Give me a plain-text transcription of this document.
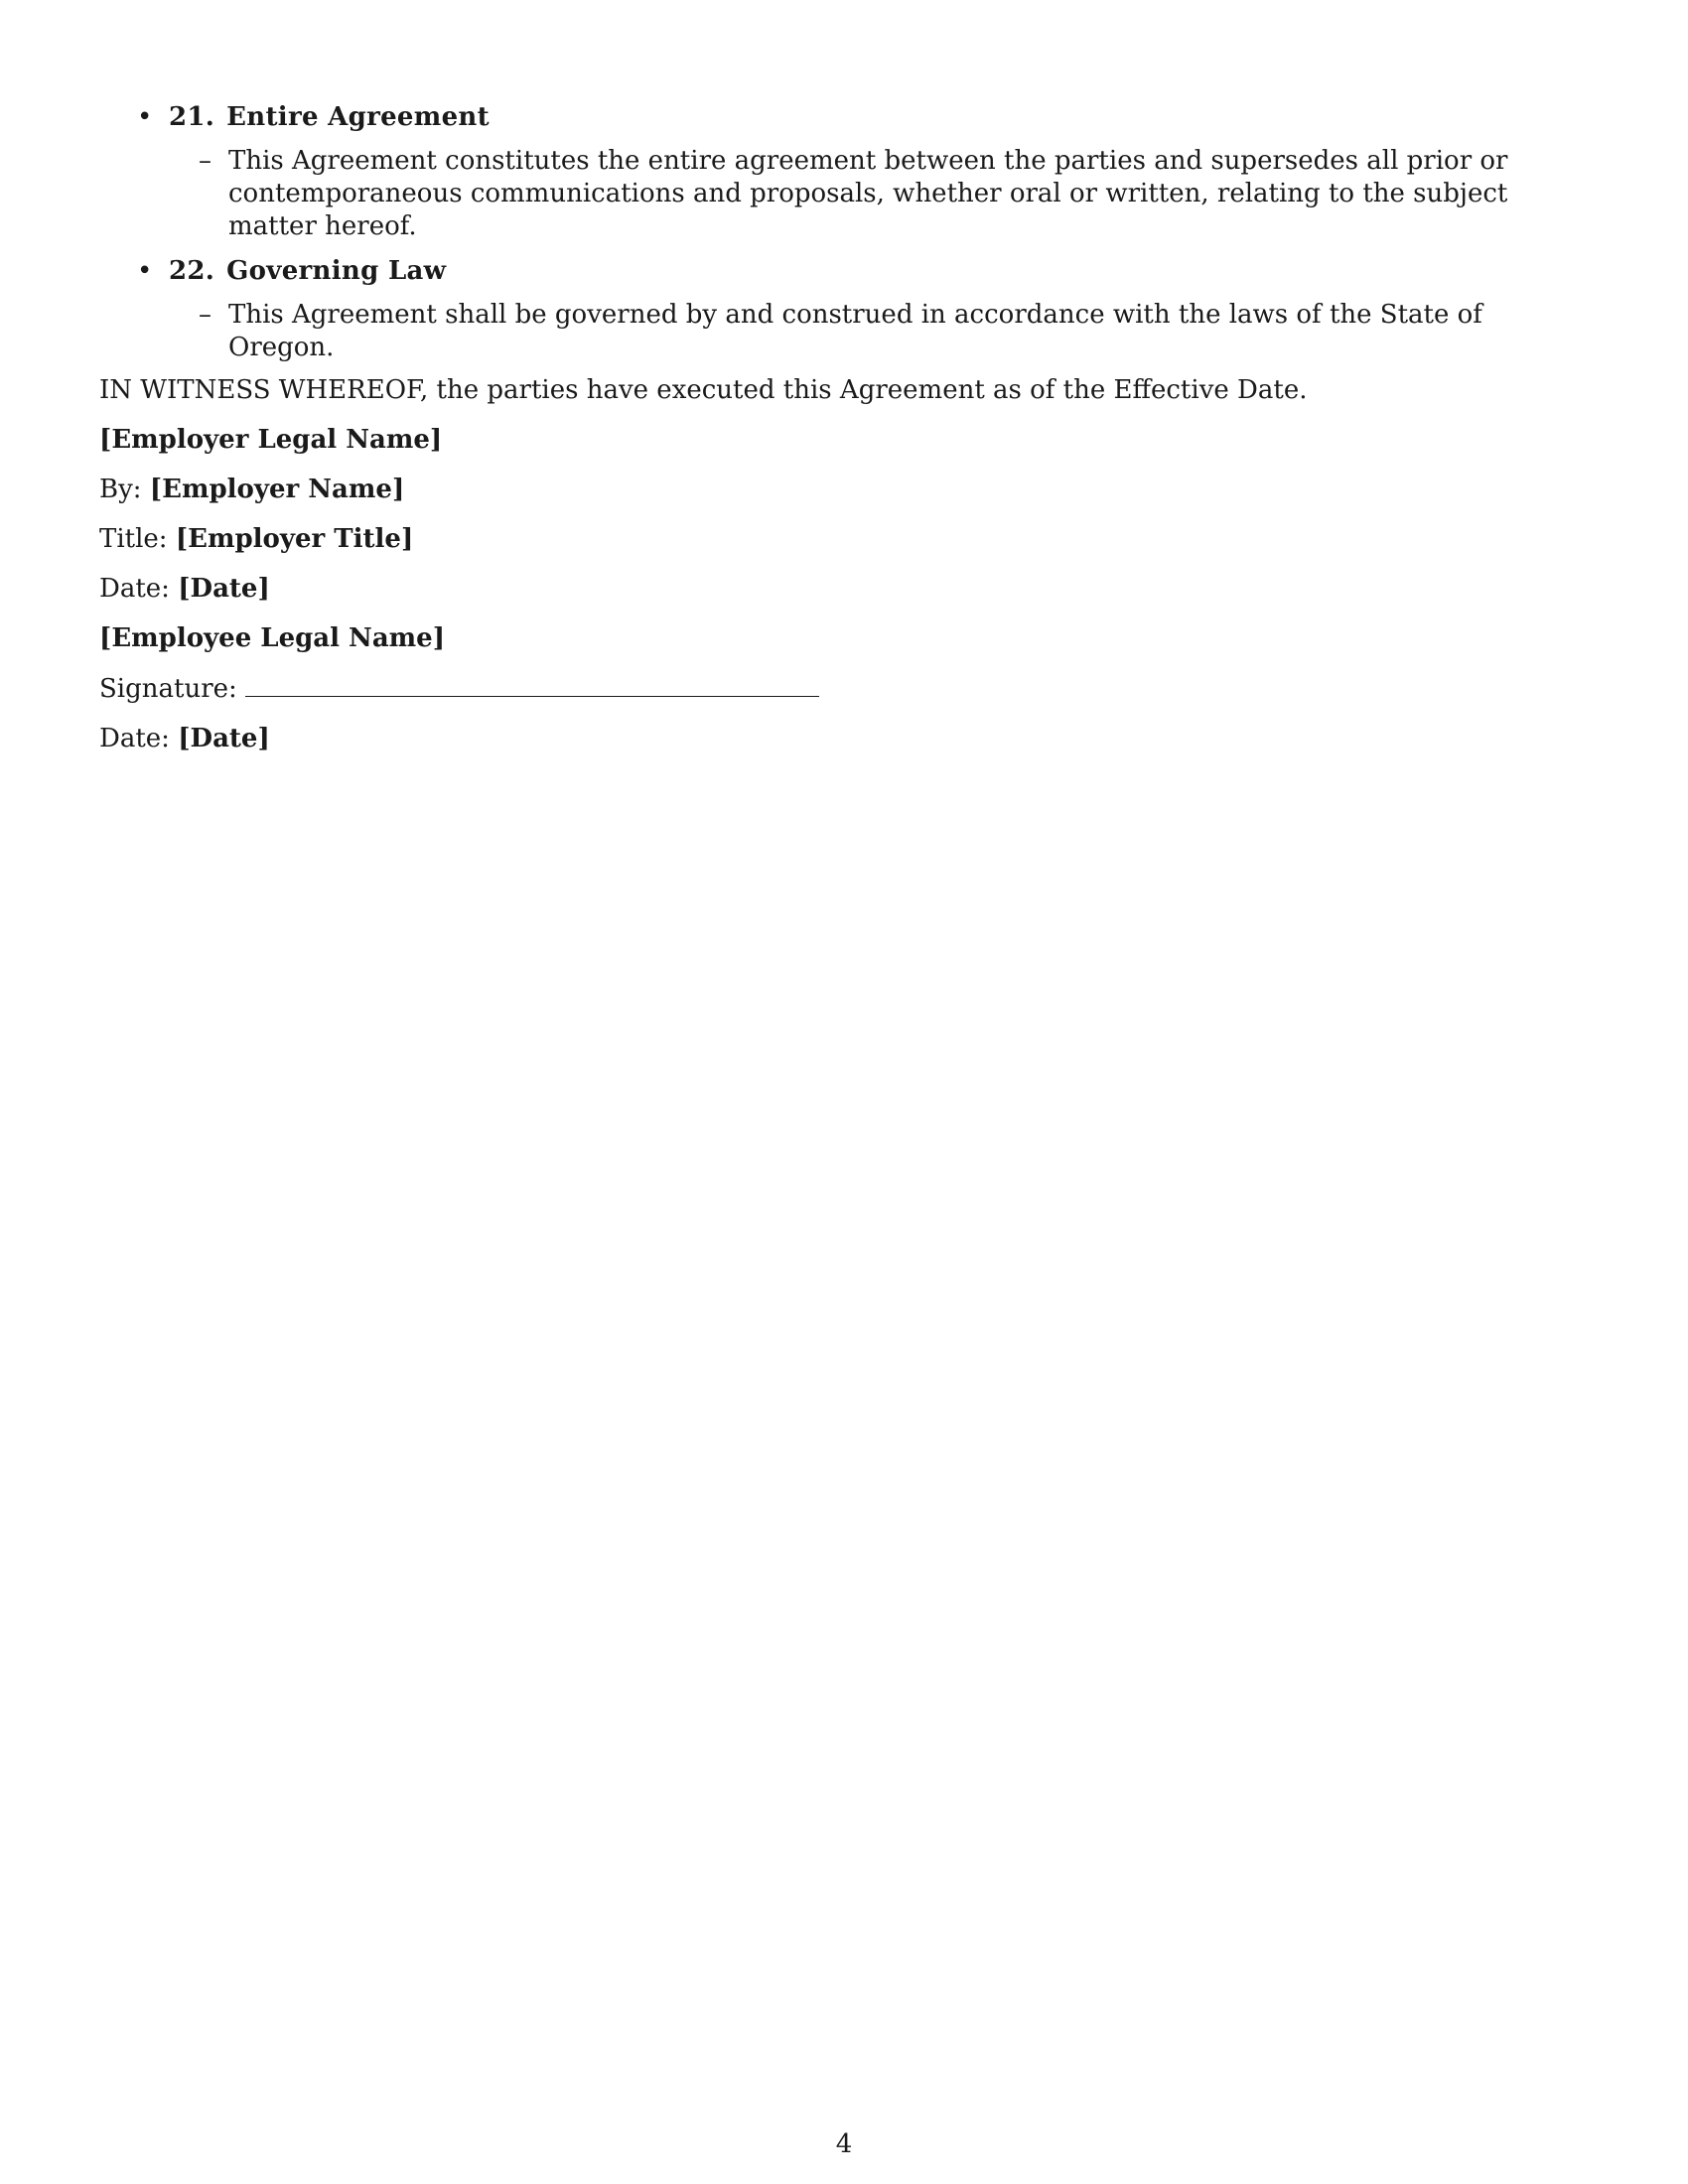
• 21. Entire Agreement
– This Agreement constitutes the entire agreement between the parties and supersedes all prior or contemporaneous communications and proposals, whether oral or written, relating to the subject matter hereof.

• 22. Governing Law
– This Agreement shall be governed by and construed in accordance with the laws of the State of Oregon.

IN WITNESS WHEREOF, the parties have executed this Agreement as of the Effective Date.

[Employer Legal Name]
By: [Employer Name]
Title: [Employer Title]
Date: [Date]
[Employee Legal Name]
Signature:
Date: [Date]
4
